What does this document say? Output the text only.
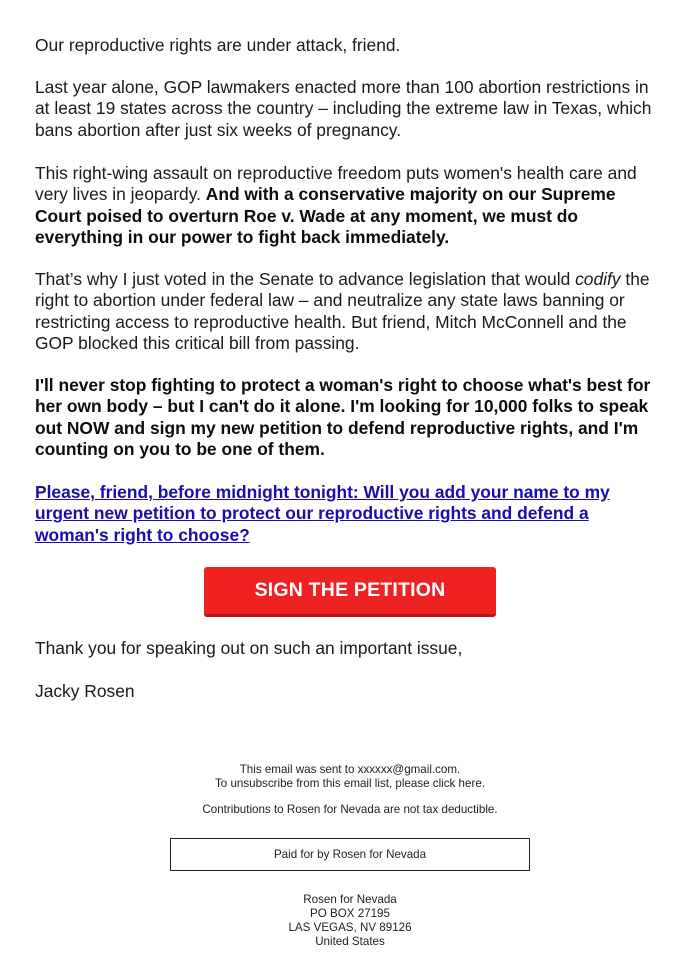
Our reproductive rights are under attack, friend.

Last year alone, GOP lawmakers enacted more than 100 abortion restrictions in at least 19 states across the country – including the extreme law in Texas, which bans abortion after just six weeks of pregnancy.

This right-wing assault on reproductive freedom puts women's health care and very lives in jeopardy. And with a conservative majority on our Supreme Court poised to overturn Roe v. Wade at any moment, we must do everything in our power to fight back immediately.

That’s why I just voted in the Senate to advance legislation that would codify the right to abortion under federal law – and neutralize any state laws banning or restricting access to reproductive health. But friend, Mitch McConnell and the GOP blocked this critical bill from passing.

I'll never stop fighting to protect a woman's right to choose what's best for her own body – but I can't do it alone. I'm looking for 10,000 folks to speak out NOW and sign my new petition to defend reproductive rights, and I'm counting on you to be one of them.

Please, friend, before midnight tonight: Will you add your name to my urgent new petition to protect our reproductive rights and defend a woman's right to choose?

SIGN THE PETITION

Thank you for speaking out on such an important issue,

Jacky Rosen

This email was sent to xxxxxx@gmail.com.

To unsubscribe from this email list, please click here.

Contributions to Rosen for Nevada are not tax deductible.

Paid for by Rosen for Nevada

Rosen for Nevada
PO BOX 27195
LAS VEGAS, NV 89126
United States
